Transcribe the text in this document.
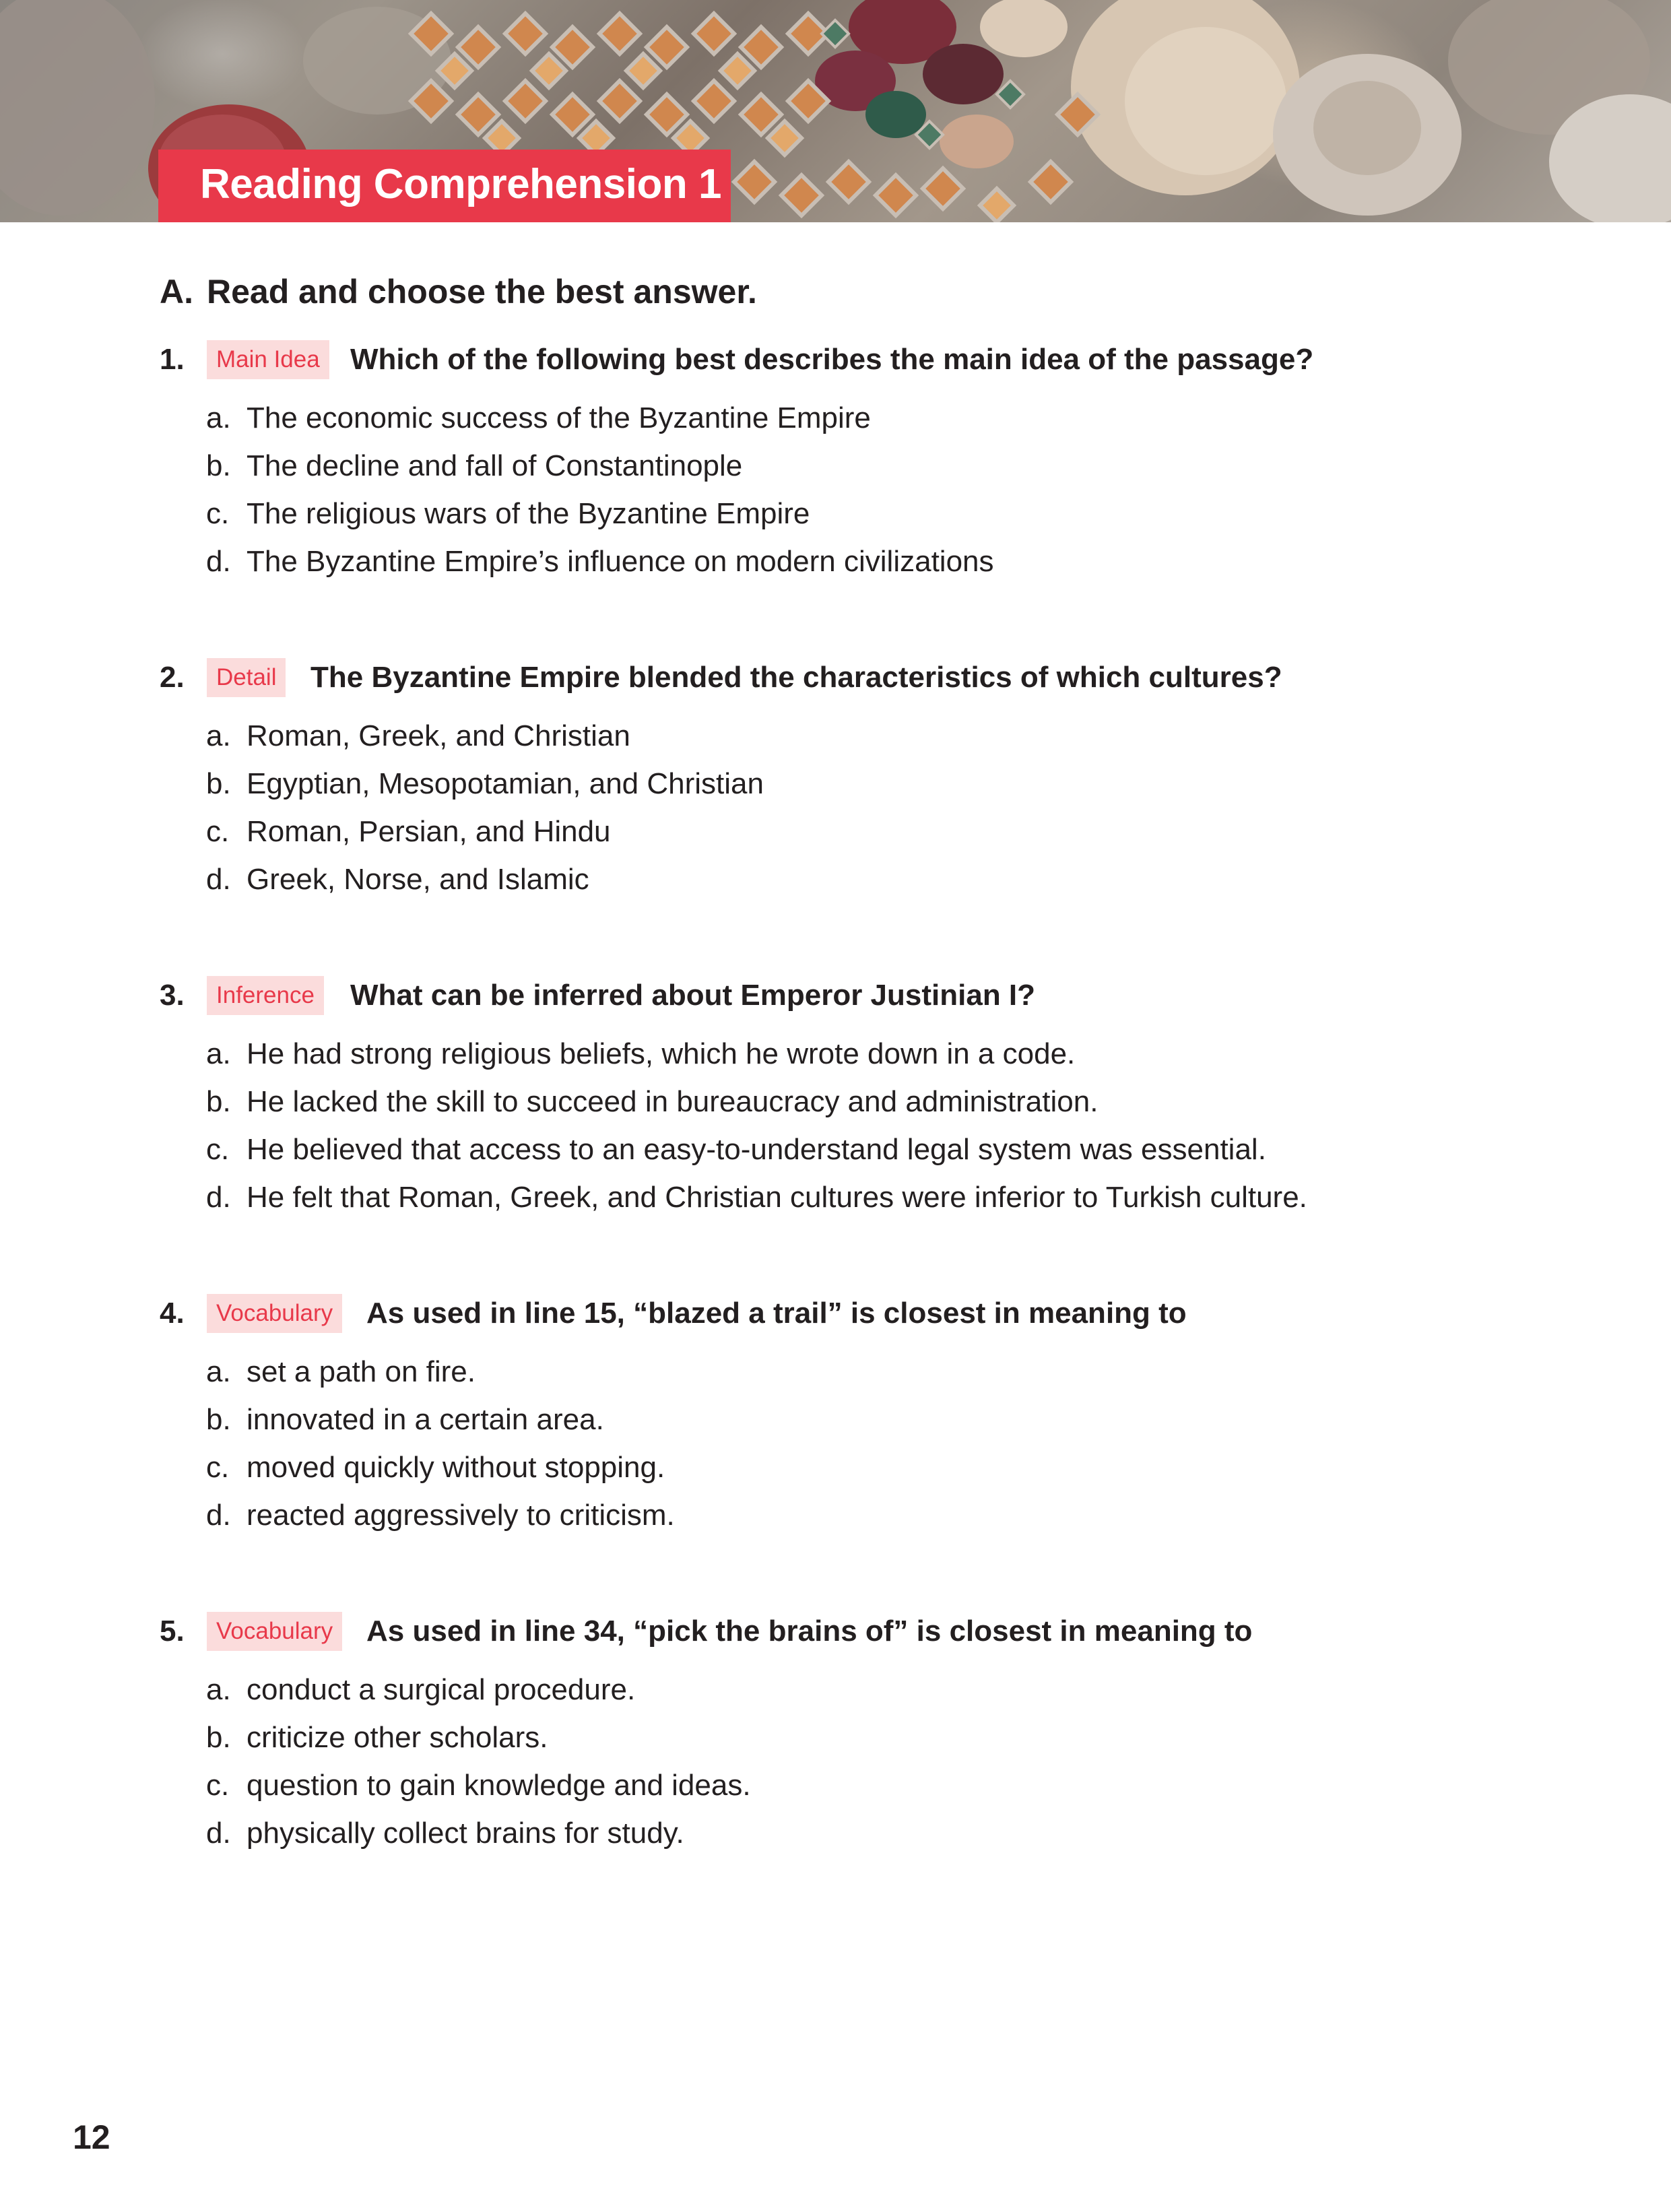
Reading Comprehension 1
A. Read and choose the best answer.
1.	Main Idea	Which of the following best describes the main idea of the passage?
a. The economic success of the Byzantine Empire
b. The decline and fall of Constantinople
c. The religious wars of the Byzantine Empire
d. The Byzantine Empire’s influence on modern civilizations
2.	Detail	The Byzantine Empire blended the characteristics of which cultures?
a. Roman, Greek, and Christian
b. Egyptian, Mesopotamian, and Christian
c. Roman, Persian, and Hindu
d. Greek, Norse, and Islamic
3.	Inference	What can be inferred about Emperor Justinian I?
a. He had strong religious beliefs, which he wrote down in a code.
b. He lacked the skill to succeed in bureaucracy and administration.
c. He believed that access to an easy-to-understand legal system was essential.
d. He felt that Roman, Greek, and Christian cultures were inferior to Turkish culture.
4.	Vocabulary	As used in line 15, “blazed a trail” is closest in meaning to
a. set a path on fire.
b. innovated in a certain area.
c. moved quickly without stopping.
d. reacted aggressively to criticism.
5.	Vocabulary	As used in line 34, “pick the brains of” is closest in meaning to
a. conduct a surgical procedure.
b. criticize other scholars.
c. question to gain knowledge and ideas.
d. physically collect brains for study.
12
